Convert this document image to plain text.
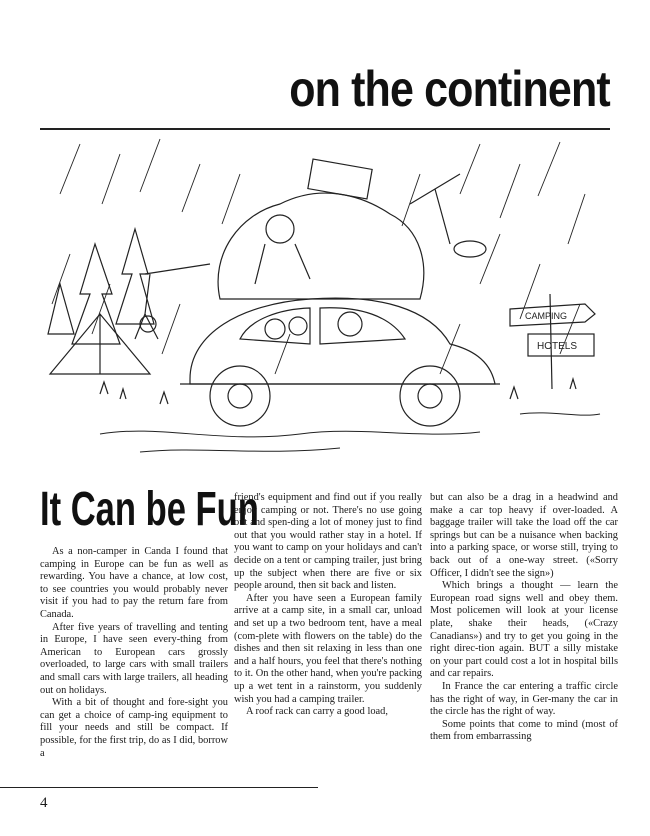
on the continent
CAMPING
HOTELS
It Can be Fun

As a non-camper in Canda I found that camping in Europe can be fun as well as rewarding. You have a chance, at low cost, to see countries you would probably never visit if you had to pay the return fare from Canada.

After five years of travelling and tenting in Europe, I have seen every-thing from American to European cars grossly overloaded, to large cars with small trailers and small cars with large trailers, all heading out on holidays.

With a bit of thought and fore-sight you can get a choice of camp-ing equipment to fill your needs and still be compact. If possible, for the first trip, do as I did, borrow a

friend's equipment and find out if you really enjoy camping or not. There's no use going out and spen-ding a lot of money just to find out that you would rather stay in a hotel. If you want to camp on your holidays and can't decide on a tent or camping trailer, just bring up the subject when there are five or six people around, then sit back and listen.

After you have seen a European family arrive at a camp site, in a small car, unload and set up a two bedroom tent, have a meal (com-plete with flowers on the table) do the dishes and then sit relaxing in less than one and a half hours, you feel that there's nothing to it. On the other hand, when you're packing up a wet tent in a rainstorm, you suddenly wish you had a camping trailer.

A roof rack can carry a good load,

but can also be a drag in a headwind and make a car top heavy if over-loaded. A baggage trailer will take the load off the car springs but can be a nuisance when backing into a parking space, or worse still, trying to back out of a one-way street. («Sorry Officer, I didn't see the sign»)

Which brings a thought — learn the European road signs well and obey them. Most policemen will look at your license plate, shake their heads, («Crazy Canadians») and try to get you going in the right direc-tion again. BUT a silly mistake on your part could cost a lot in hospital bills and car repairs.

In France the car entering a traffic circle has the right of way, in Ger-many the car in the circle has the right of way.

Some points that come to mind (most of them from embarrassing

4
